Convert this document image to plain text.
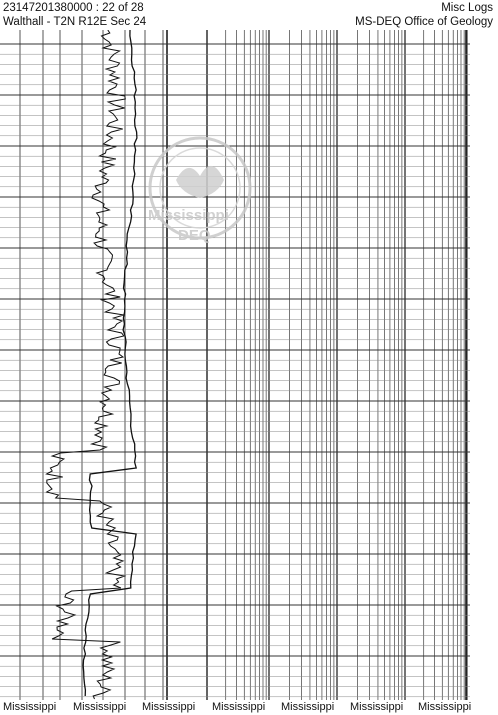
23147201380000 : 22 of 28
Walthall - T2N R12E Sec 24
Misc Logs
MS-DEQ Office of Geology
Mississippi
DEQ
Mississippi Mississippi Mississippi Mississippi Mississippi Mississippi Mississippi
